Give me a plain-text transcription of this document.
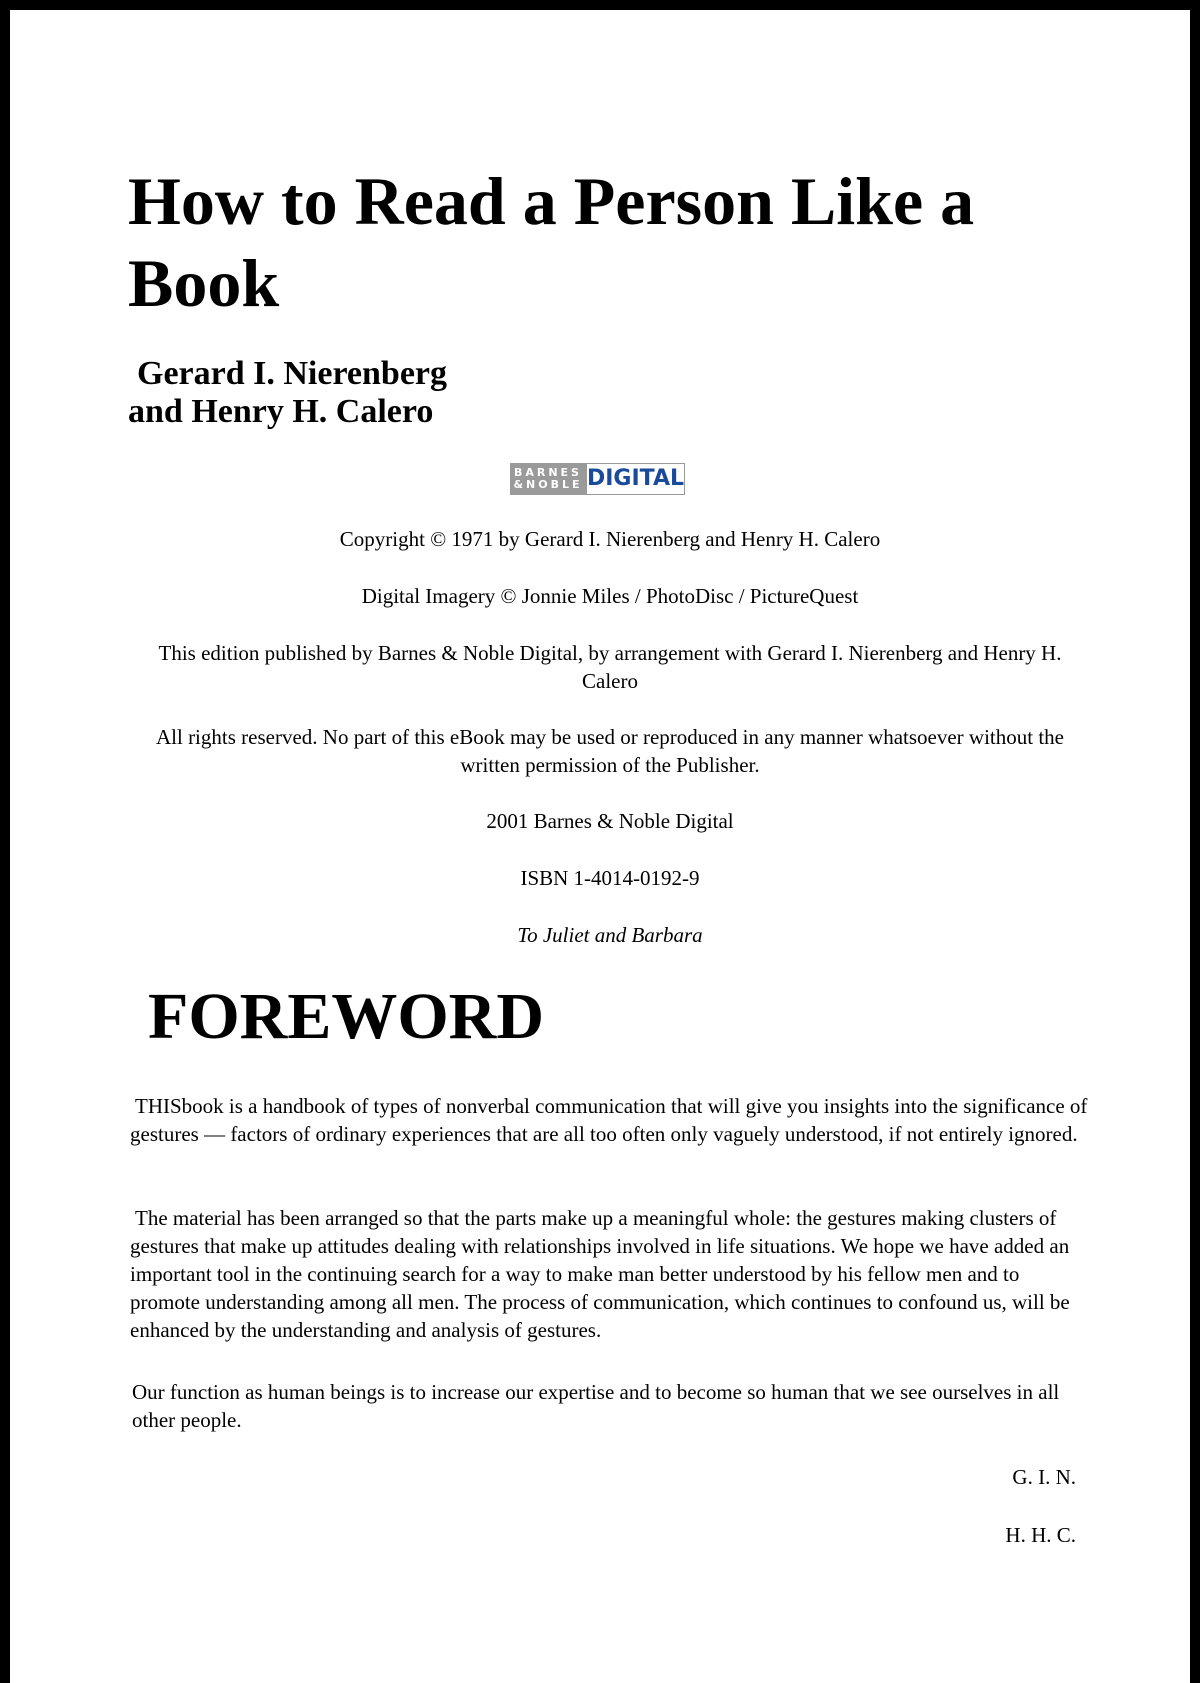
How to Read a Person Like a Book
Gerard I. Nierenberg
and Henry H. Calero
BARNES
&NOBLE DIGITAL

Copyright © 1971 by Gerard I. Nierenberg and Henry H. Calero

Digital Imagery © Jonnie Miles / PhotoDisc / PictureQuest

This edition published by Barnes & Noble Digital, by arrangement with Gerard I. Nierenberg and Henry H. Calero

All rights reserved. No part of this eBook may be used or reproduced in any manner whatsoever without the written permission of the Publisher.

2001 Barnes & Noble Digital

ISBN 1-4014-0192-9

To Juliet and Barbara

FOREWORD

THISbook is a handbook of types of nonverbal communication that will give you insights into the significance of gestures — factors of ordinary experiences that are all too often only vaguely understood, if not entirely ignored.

The material has been arranged so that the parts make up a meaningful whole: the gestures making clusters of gestures that make up attitudes dealing with relationships involved in life situations. We hope we have added an important tool in the continuing search for a way to make man better understood by his fellow men and to promote understanding among all men. The process of communication, which continues to confound us, will be enhanced by the understanding and analysis of gestures.

Our function as human beings is to increase our expertise and to become so human that we see ourselves in all other people.

G. I. N.

H. H. C.
